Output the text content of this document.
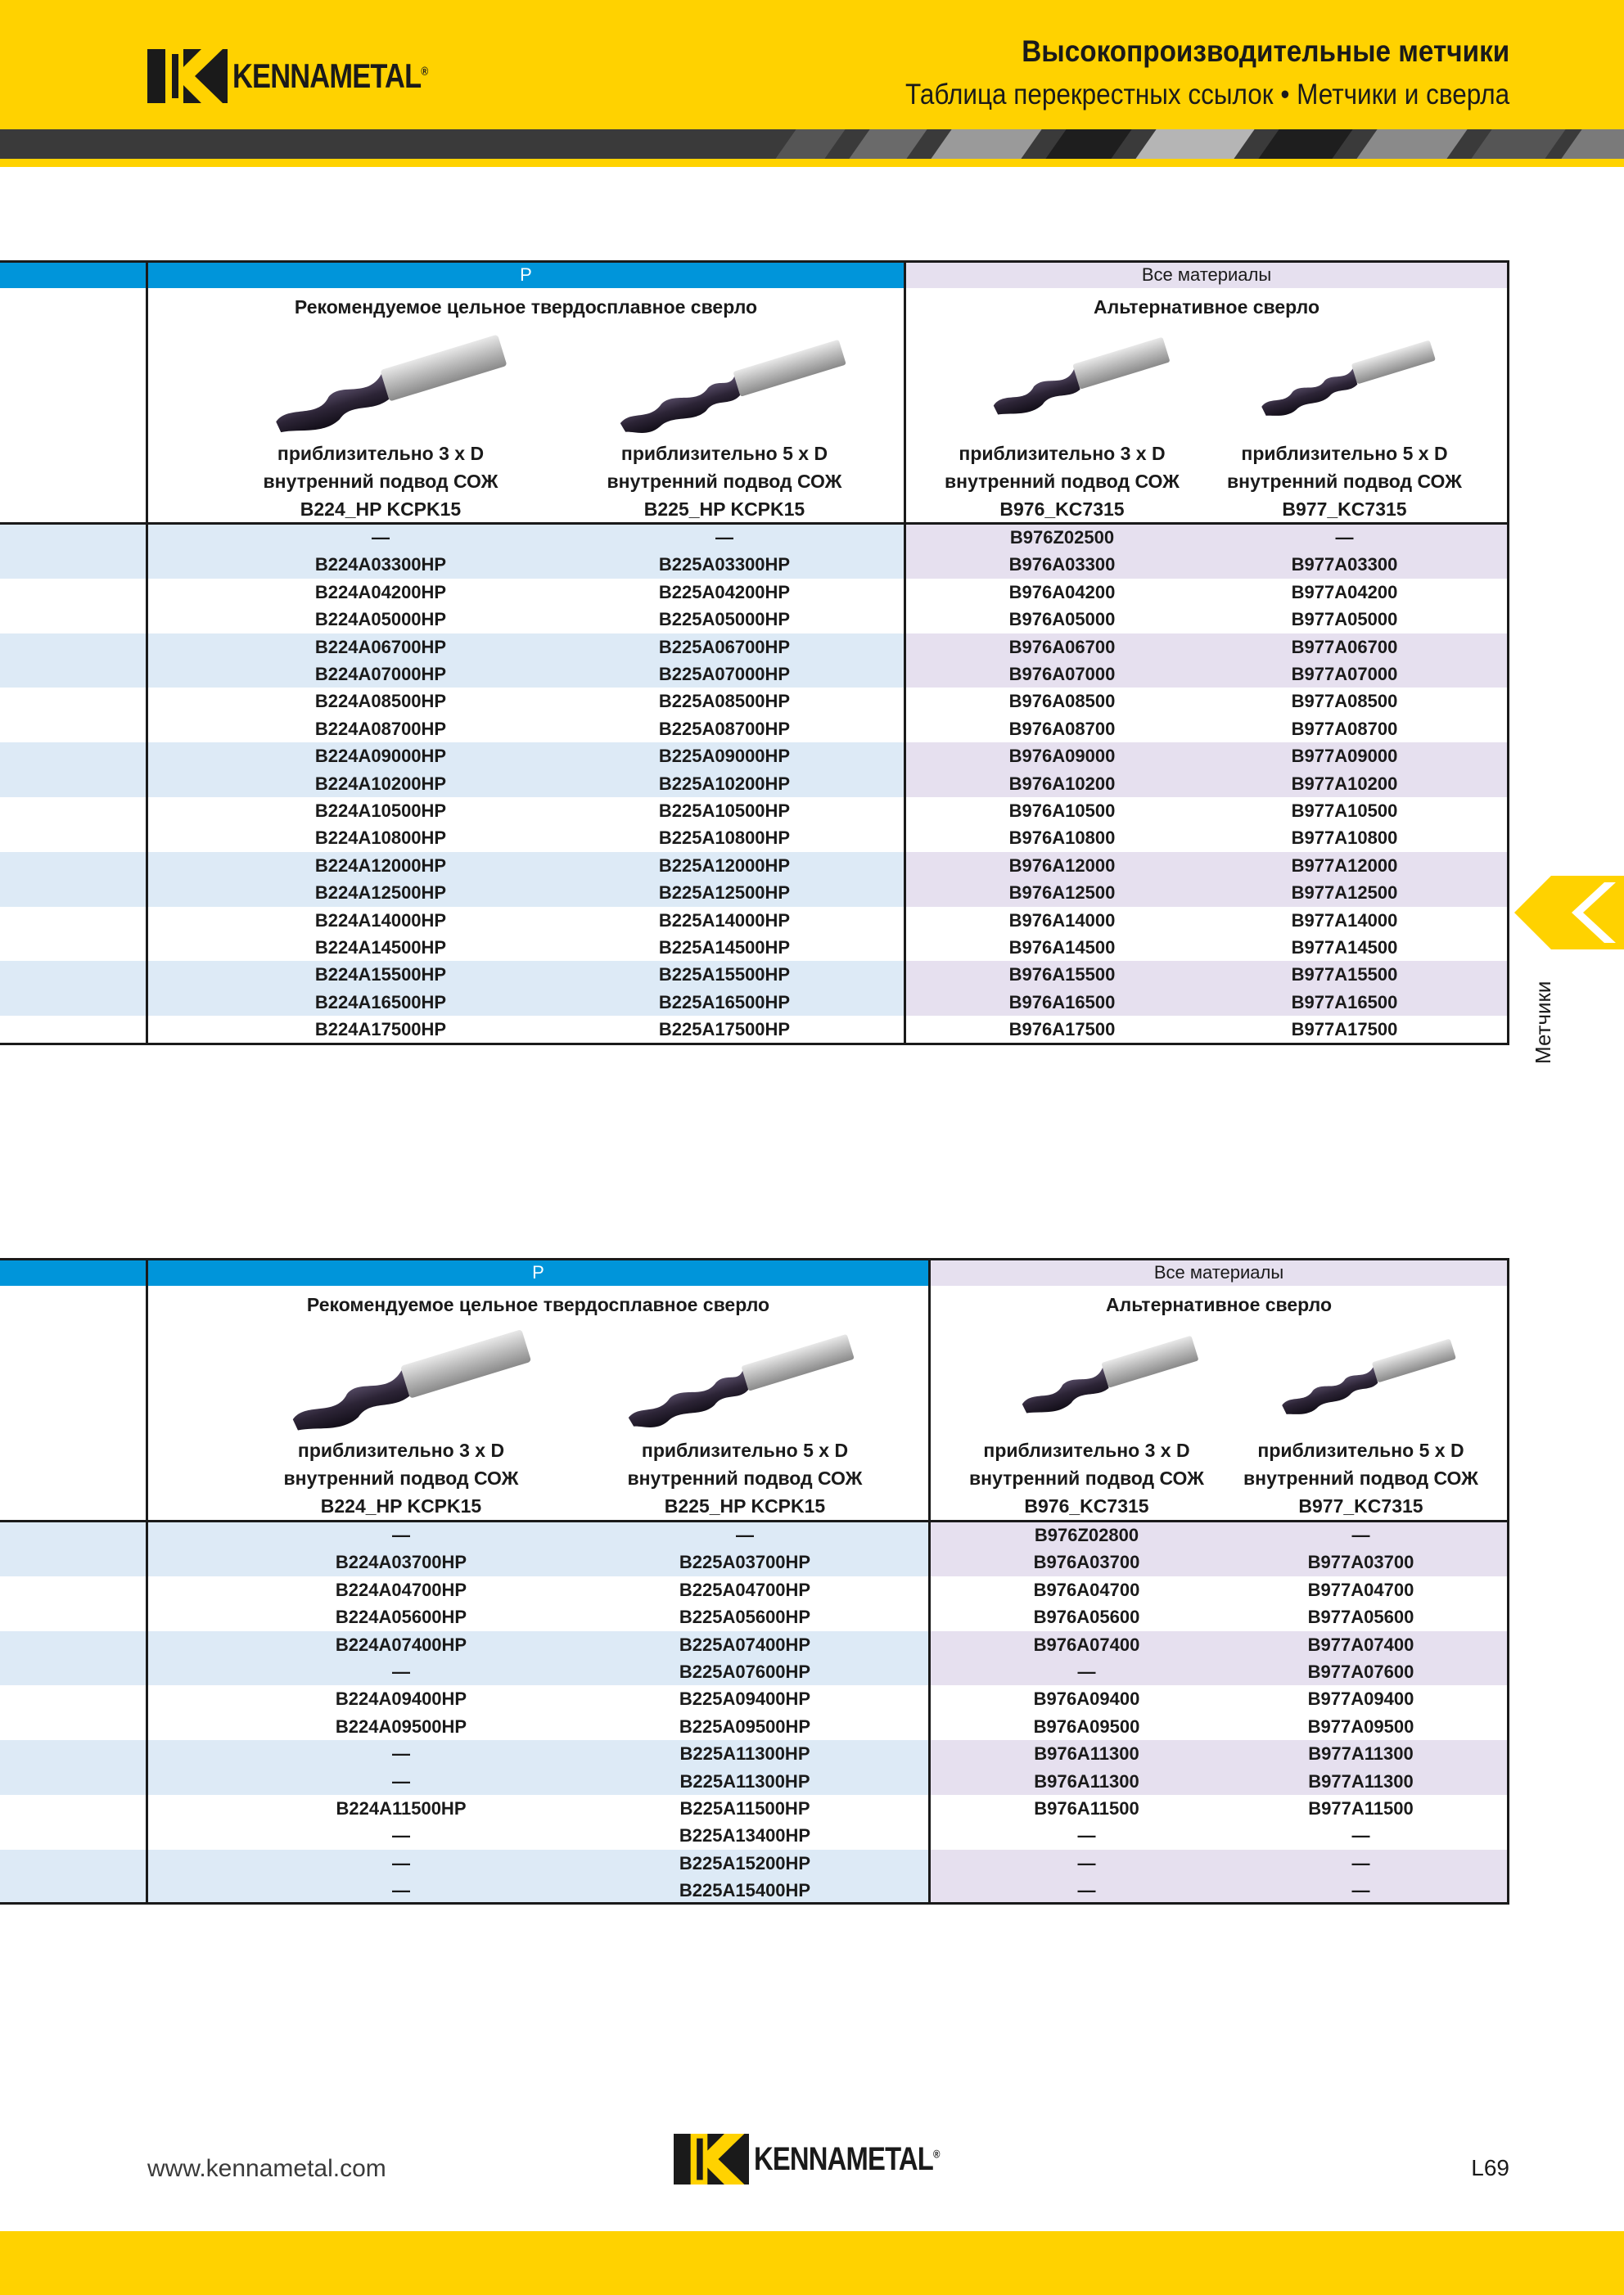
KENNAMETAL®
Высокопроизводительные метчики
Таблица перекрестных ссылок • Метчики и сверла
P	Все материалы
Рекомендуемое цельное твердосплавное сверло	Альтернативное сверло
приблизительно 3 x D
внутренний подвод СОЖ
B224_HP KCPK15
приблизительно 5 x D
внутренний подвод СОЖ
B225_HP KCPK15
приблизительно 3 x D
внутренний подвод СОЖ
B976_KC7315
приблизительно 5 x D
внутренний подвод СОЖ
B977_KC7315
—	—	B976Z02500	—
B224A03300HP	B225A03300HP	B976A03300	B977A03300
B224A04200HP	B225A04200HP	B976A04200	B977A04200
B224A05000HP	B225A05000HP	B976A05000	B977A05000
B224A06700HP	B225A06700HP	B976A06700	B977A06700
B224A07000HP	B225A07000HP	B976A07000	B977A07000
B224A08500HP	B225A08500HP	B976A08500	B977A08500
B224A08700HP	B225A08700HP	B976A08700	B977A08700
B224A09000HP	B225A09000HP	B976A09000	B977A09000
B224A10200HP	B225A10200HP	B976A10200	B977A10200
B224A10500HP	B225A10500HP	B976A10500	B977A10500
B224A10800HP	B225A10800HP	B976A10800	B977A10800
B224A12000HP	B225A12000HP	B976A12000	B977A12000
B224A12500HP	B225A12500HP	B976A12500	B977A12500
B224A14000HP	B225A14000HP	B976A14000	B977A14000
B224A14500HP	B225A14500HP	B976A14500	B977A14500
B224A15500HP	B225A15500HP	B976A15500	B977A15500
B224A16500HP	B225A16500HP	B976A16500	B977A16500
B224A17500HP	B225A17500HP	B976A17500	B977A17500
P	Все материалы
Рекомендуемое цельное твердосплавное сверло	Альтернативное сверло
приблизительно 3 x D
внутренний подвод СОЖ
B224_HP KCPK15
приблизительно 5 x D
внутренний подвод СОЖ
B225_HP KCPK15
приблизительно 3 x D
внутренний подвод СОЖ
B976_KC7315
приблизительно 5 x D
внутренний подвод СОЖ
B977_KC7315
—	—	B976Z02800	—
B224A03700HP	B225A03700HP	B976A03700	B977A03700
B224A04700HP	B225A04700HP	B976A04700	B977A04700
B224A05600HP	B225A05600HP	B976A05600	B977A05600
B224A07400HP	B225A07400HP	B976A07400	B977A07400
—	B225A07600HP	—	B977A07600
B224A09400HP	B225A09400HP	B976A09400	B977A09400
B224A09500HP	B225A09500HP	B976A09500	B977A09500
—	B225A11300HP	B976A11300	B977A11300
—	B225A11300HP	B976A11300	B977A11300
B224A11500HP	B225A11500HP	B976A11500	B977A11500
—	B225A13400HP	—	—
—	B225A15200HP	—	—
—	B225A15400HP	—	—
Метчики
www.kennametal.com	KENNAMETAL®
L69
